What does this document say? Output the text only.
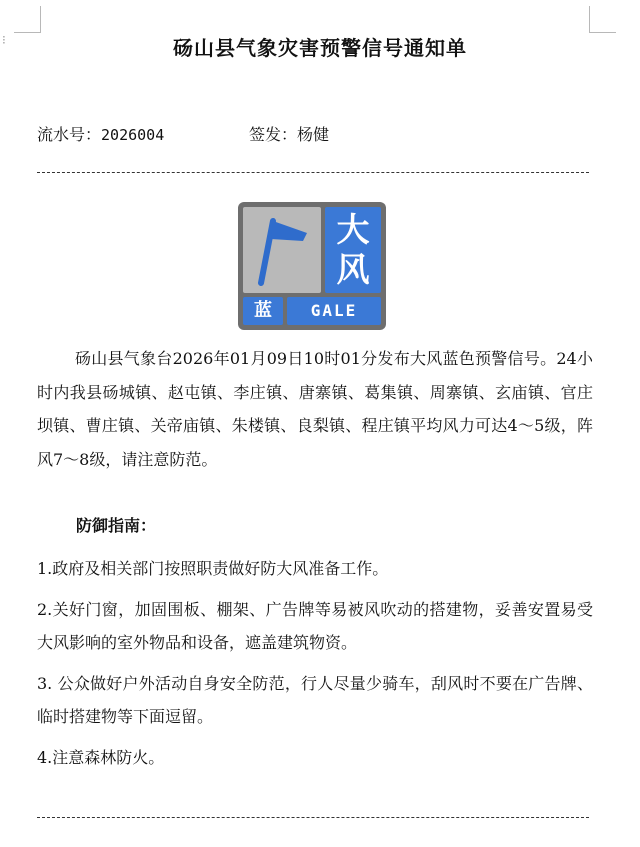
⁝	砀山县气象灾害预警信号通知单
流水号：2026004	签发：杨健
大
风
蓝	GALE

砀山县气象台2026年01月09日10时01分发布大风蓝色预警信号。24小时内我县砀城镇、赵屯镇、李庄镇、唐寨镇、葛集镇、周寨镇、玄庙镇、官庄坝镇、曹庄镇、关帝庙镇、朱楼镇、良梨镇、程庄镇平均风力可达4～5级，阵风7～8级，请注意防范。

防御指南：

1.政府及相关部门按照职责做好防大风准备工作。

2.关好门窗，加固围板、棚架、广告牌等易被风吹动的搭建物，妥善安置易受大风影响的室外物品和设备，遮盖建筑物资。

3. 公众做好户外活动自身安全防范，行人尽量少骑车，刮风时不要在广告牌、临时搭建物等下面逗留。

4.注意森林防火。
